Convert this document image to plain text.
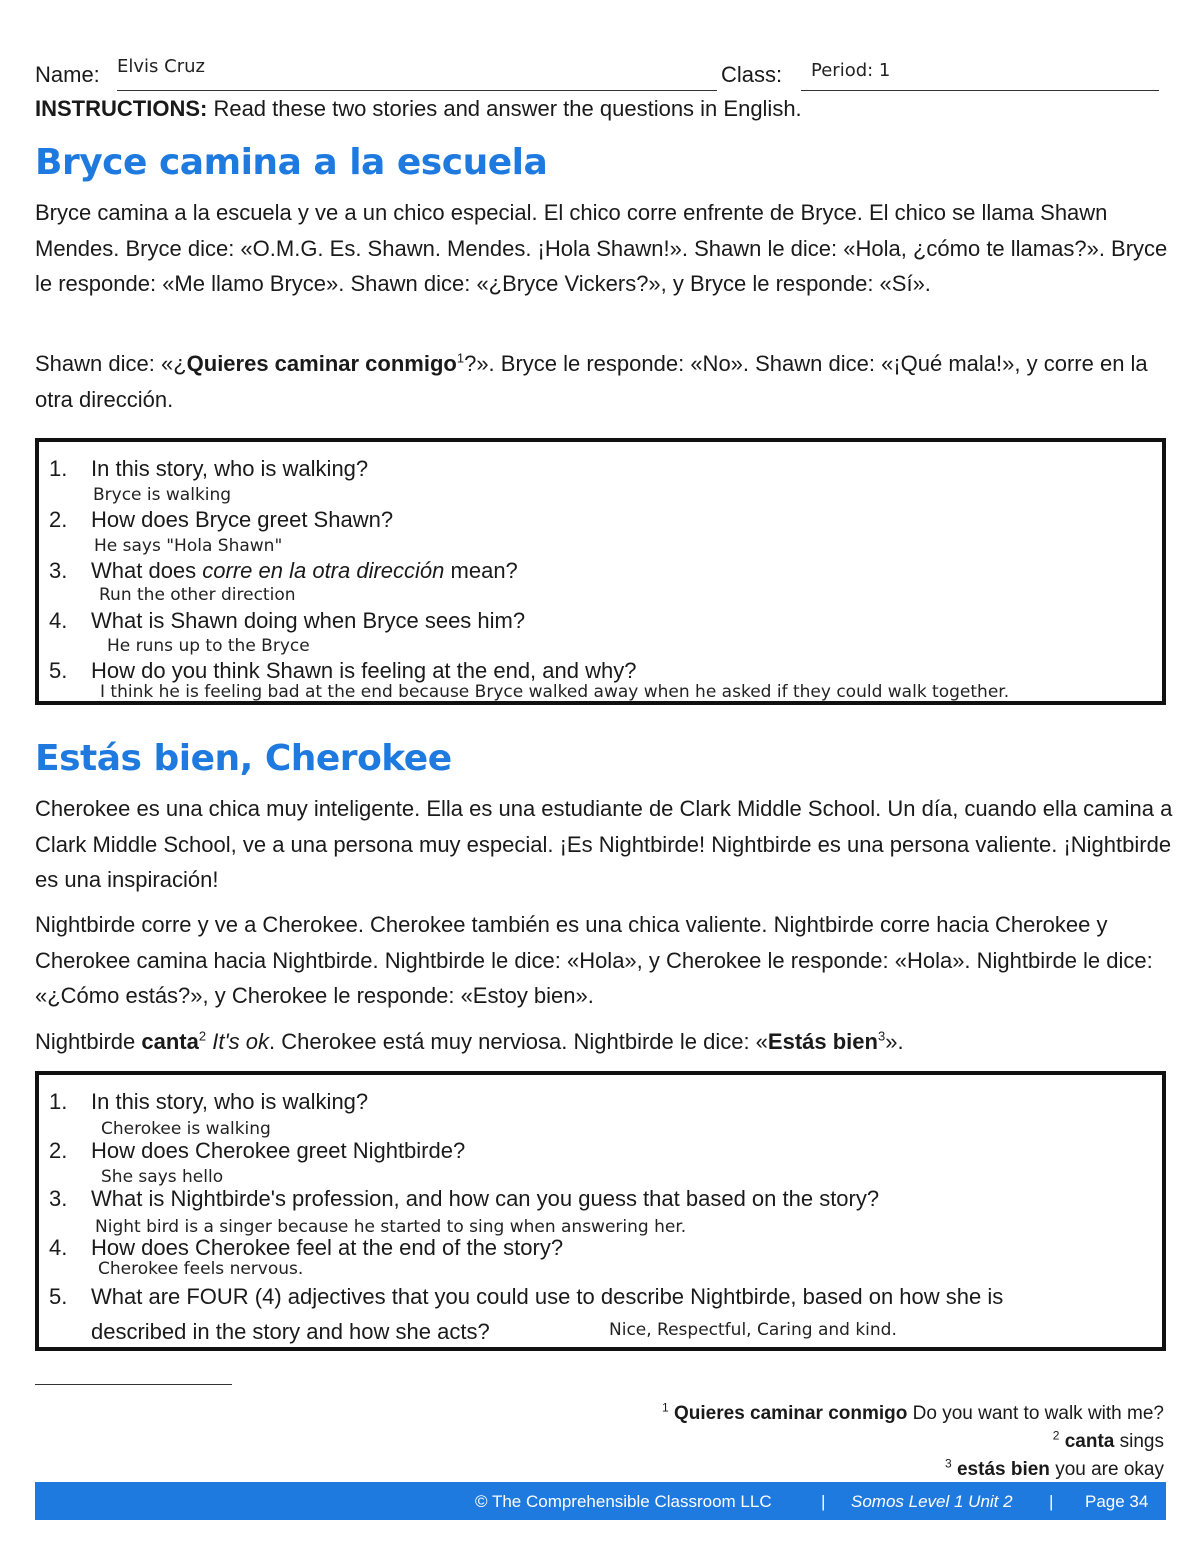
Name: Elvis Cruz	Class: Period: 1
INSTRUCTIONS: Read these two stories and answer the questions in English.
Bryce camina a la escuela
Bryce camina a la escuela y ve a un chico especial. El chico corre enfrente de Bryce. El chico se llama Shawn Mendes. Bryce dice: «O.M.G. Es. Shawn. Mendes. ¡Hola Shawn!». Shawn le dice: «Hola, ¿cómo te llamas?». Bryce le responde: «Me llamo Bryce». Shawn dice: «¿Bryce Vickers?», y Bryce le responde: «Sí».
Shawn dice: «¿Quieres caminar conmigo$^1$?». Bryce le responde: «No». Shawn dice: «¡Qué mala!», y corre en la otra dirección.
1. In this story, who is walking?
Bryce is walking
2. How does Bryce greet Shawn?
He says "Hola Shawn"
3. What does corre en la otra dirección mean?
Run the other direction
4. What is Shawn doing when Bryce sees him?
He runs up to the Bryce
5. How do you think Shawn is feeling at the end, and why?
I think he is feeling bad at the end because Bryce walked away when he asked if they could walk together.
Estás bien, Cherokee
Cherokee es una chica muy inteligente. Ella es una estudiante de Clark Middle School. Un día, cuando ella camina a Clark Middle School, ve a una persona muy especial. ¡Es Nightbirde! Nightbirde es una persona valiente. ¡Nightbirde es una inspiración!
Nightbirde corre y ve a Cherokee. Cherokee también es una chica valiente. Nightbirde corre hacia Cherokee y Cherokee camina hacia Nightbirde. Nightbirde le dice: «Hola», y Cherokee le responde: «Hola». Nightbirde le dice: «¿Cómo estás?», y Cherokee le responde: «Estoy bien».
Nightbirde canta$^2$ It's ok. Cherokee está muy nerviosa. Nightbirde le dice: «Estás bien$^3$».
1. In this story, who is walking?
Cherokee is walking
2. How does Cherokee greet Nightbirde?
She says hello
3. What is Nightbirde's profession, and how can you guess that based on the story?
Night bird is a singer because he started to sing when answering her.
4. How does Cherokee feel at the end of the story?
Cherokee feels nervous.
5. What are FOUR (4) adjectives that you could use to describe Nightbirde, based on how she is
described in the story and how she acts?	Nice, Respectful, Caring and kind.
$^1$ Quieres caminar conmigo Do you want to walk with me?
$^2$ canta sings
$^3$ estás bien you are okay
© The Comprehensible Classroom LLC	| Somos Level 1 Unit 2 | Page 34
